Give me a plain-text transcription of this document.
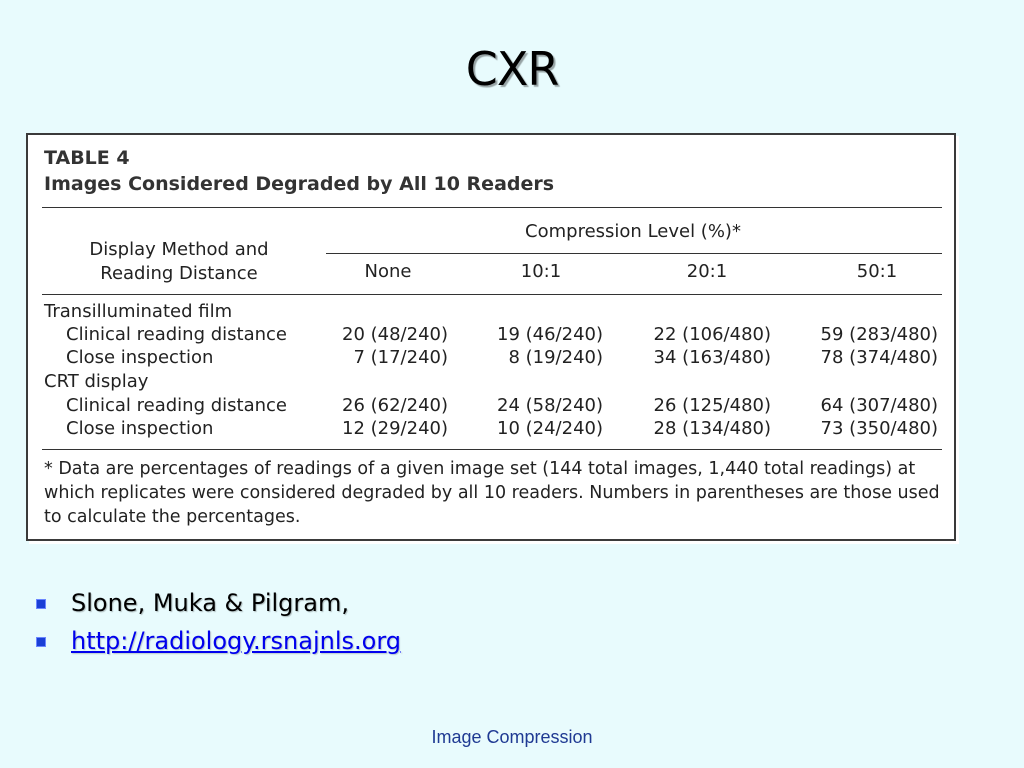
CXR
TABLE 4
Images Considered Degraded by All 10 Readers
Display Method and
Reading Distance
Compression Level (%)*
None	10:1	20:1	50:1
Transilluminated film
Clinical reading distance	20 (48/240)	19 (46/240)	22 (106/480)	59 (283/480)
Close inspection	7 (17/240)	8 (19/240)	34 (163/480)	78 (374/480)
CRT display
Clinical reading distance	26 (62/240)	24 (58/240)	26 (125/480)	64 (307/480)
Close inspection	12 (29/240)	10 (24/240)	28 (134/480)	73 (350/480)
* Data are percentages of readings of a given image set (144 total images, 1,440 total readings) at which replicates were considered degraded by all 10 readers. Numbers in parentheses are those used to calculate the percentages.
Slone, Muka & Pilgram,
http://radiology.rsnajnls.org
Image Compression
